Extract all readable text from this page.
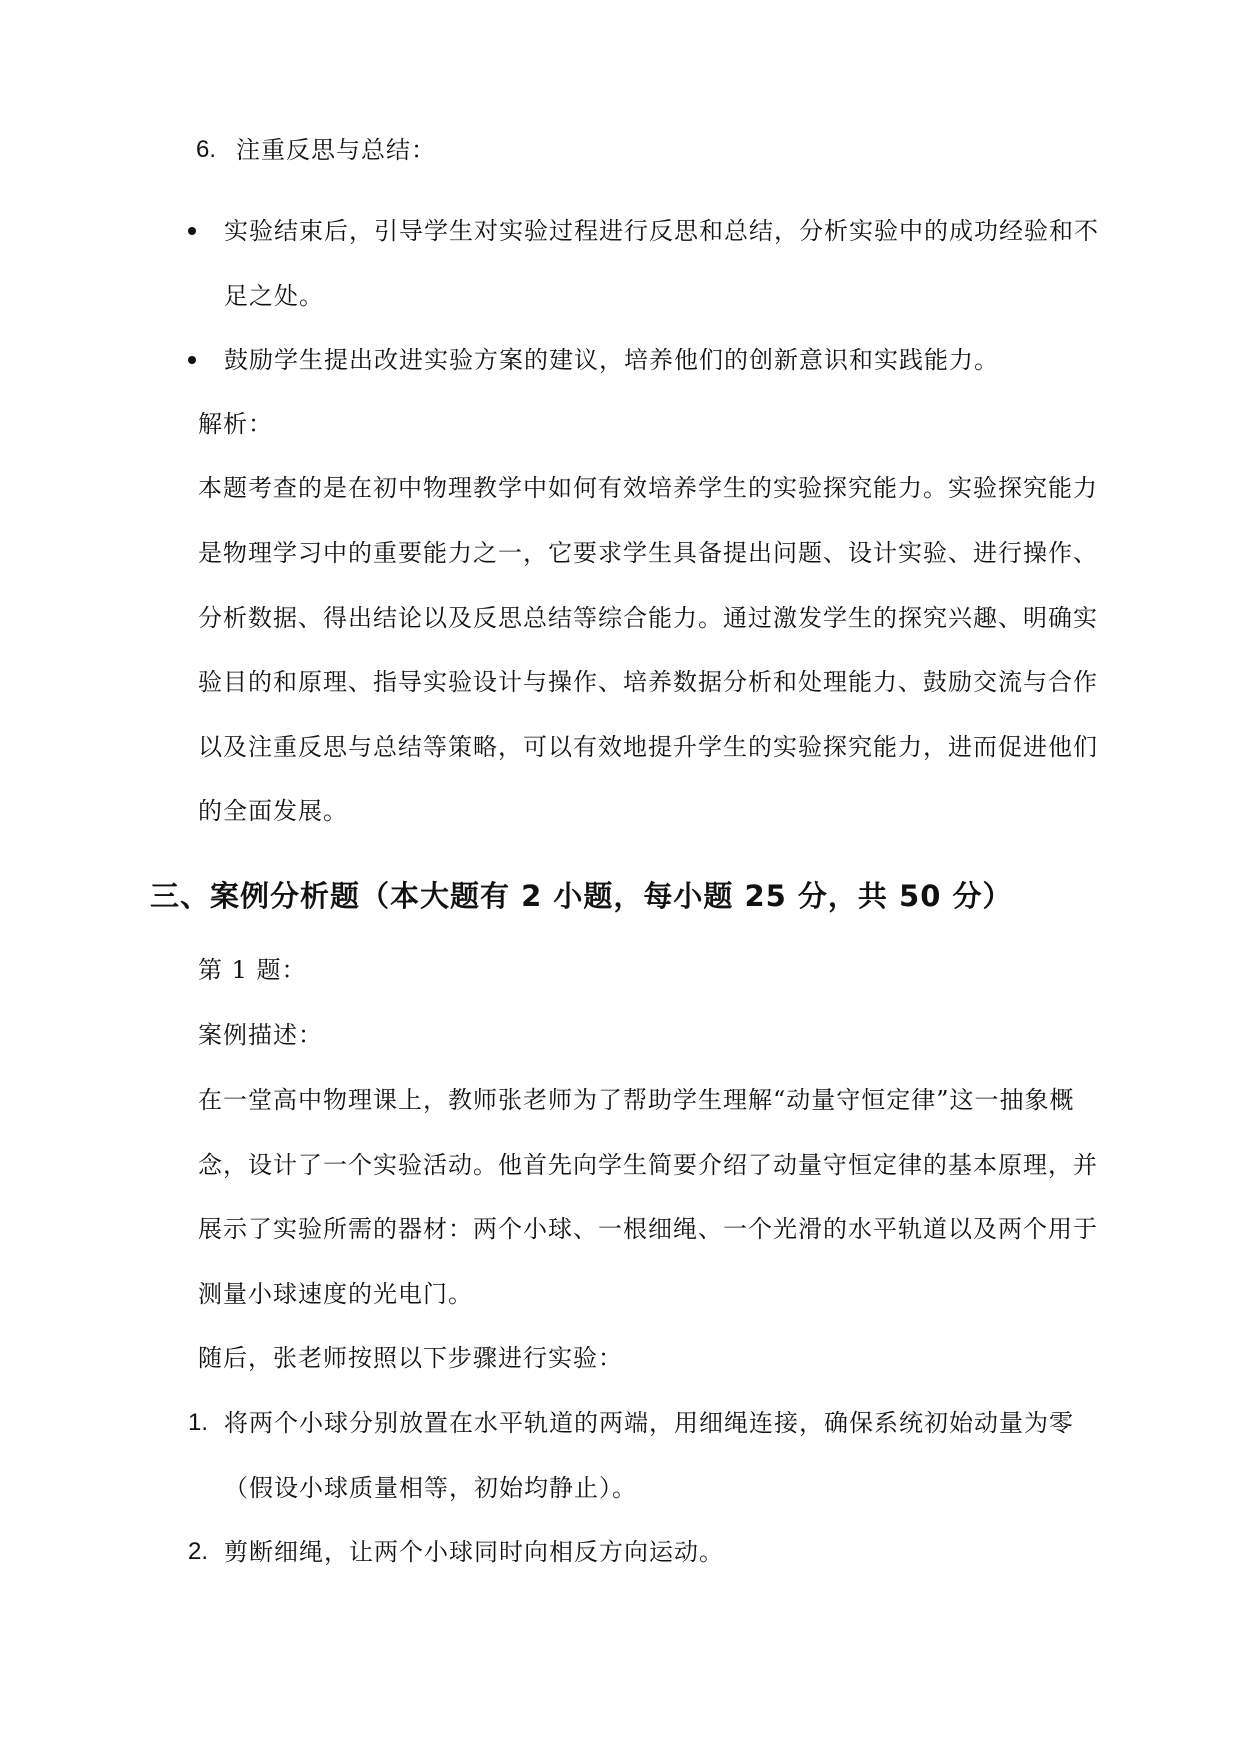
6. 注重反思与总结：
实验结束后，引导学生对实验过程进行反思和总结，分析实验中的成功经验和不
足之处。
鼓励学生提出改进实验方案的建议，培养他们的创新意识和实践能力。
解析：
本题考查的是在初中物理教学中如何有效培养学生的实验探究能力。实验探究能力
是物理学习中的重要能力之一，它要求学生具备提出问题、设计实验、进行操作、
分析数据、得出结论以及反思总结等综合能力。通过激发学生的探究兴趣、明确实
验目的和原理、指导实验设计与操作、培养数据分析和处理能力、鼓励交流与合作
以及注重反思与总结等策略，可以有效地提升学生的实验探究能力，进而促进他们
的全面发展。
三、案例分析题（本大题有 2 小题，每小题 25 分，共 50 分）
第 1 题：
案例描述：
在一堂高中物理课上，教师张老师为了帮助学生理解“动量守恒定律”这一抽象概
念，设计了一个实验活动。他首先向学生简要介绍了动量守恒定律的基本原理，并
展示了实验所需的器材：两个小球、一根细绳、一个光滑的水平轨道以及两个用于
测量小球速度的光电门。
随后，张老师按照以下步骤进行实验：
1. 将两个小球分别放置在水平轨道的两端，用细绳连接，确保系统初始动量为零
（假设小球质量相等，初始均静止）。
2. 剪断细绳，让两个小球同时向相反方向运动。
